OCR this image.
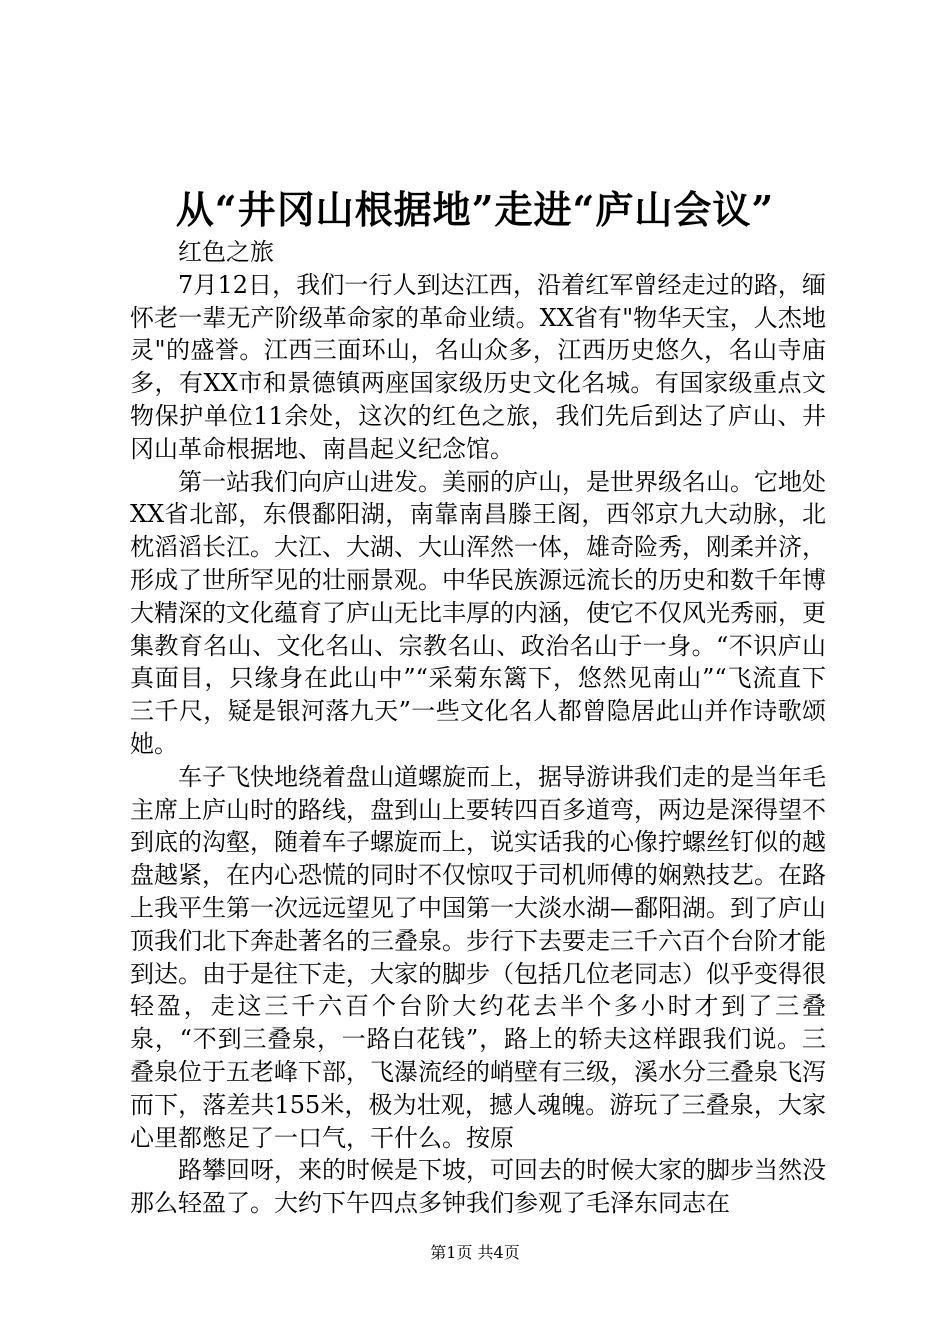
从“井冈山根据地”走进“庐山会议”

红色之旅

7月12日，我们一行人到达江西，沿着红军曾经走过的路，缅怀老一辈无产阶级革命家的革命业绩。XX省有"物华天宝，人杰地灵"的盛誉。江西三面环山，名山众多，江西历史悠久，名山寺庙多，有XX市和景德镇两座国家级历史文化名城。有国家级重点文物保护单位11余处，这次的红色之旅，我们先后到达了庐山、井冈山革命根据地、南昌起义纪念馆。

第一站我们向庐山进发。美丽的庐山，是世界级名山。它地处XX省北部，东偎鄱阳湖，南靠南昌滕王阁，西邻京九大动脉，北枕滔滔长江。大江、大湖、大山浑然一体，雄奇险秀，刚柔并济，形成了世所罕见的壮丽景观。中华民族源远流长的历史和数千年博大精深的文化蕴育了庐山无比丰厚的内涵，使它不仅风光秀丽，更集教育名山、文化名山、宗教名山、政治名山于一身。“不识庐山真面目，只缘身在此山中”“采菊东篱下，悠然见南山”“飞流直下三千尺，疑是银河落九天”一些文化名人都曾隐居此山并作诗歌颂她。

车子飞快地绕着盘山道螺旋而上，据导游讲我们走的是当年毛主席上庐山时的路线，盘到山上要转四百多道弯，两边是深得望不到底的沟壑，随着车子螺旋而上，说实话我的心像拧螺丝钉似的越盘越紧，在内心恐慌的同时不仅惊叹于司机师傅的娴熟技艺。在路上我平生第一次远远望见了中国第一大淡水湖—鄱阳湖。到了庐山顶我们北下奔赴著名的三叠泉。步行下去要走三千六百个台阶才能到达。由于是往下走，大家的脚步（包括几位老同志）似乎变得很轻盈，走这三千六百个台阶大约花去半个多小时才到了三叠泉，“不到三叠泉，一路白花钱”，路上的轿夫这样跟我们说。三叠泉位于五老峰下部，飞瀑流经的峭壁有三级，溪水分三叠泉飞泻而下，落差共155米，极为壮观，撼人魂魄。游玩了三叠泉，大家心里都憋足了一口气，干什么。按原

路攀回呀，来的时候是下坡，可回去的时候大家的脚步当然没那么轻盈了。大约下午四点多钟我们参观了毛泽东同志在

第1页 共4页
